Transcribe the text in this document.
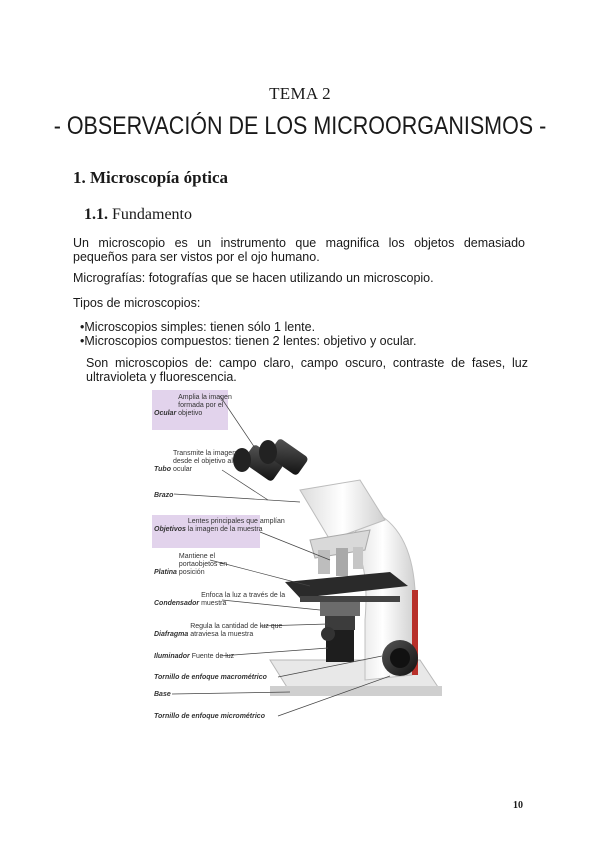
TEMA 2
- OBSERVACIÓN DE LOS MICROORGANISMOS -
1. Microscopía óptica
1.1. Fundamento
Un microscopio es un instrumento que magnifica los objetos demasiado pequeños para ser vistos por el ojo humano.
Micrografías: fotografías que se hacen utilizando un microscopio.
Tipos de microscopios:
•Microscopios simples: tienen sólo 1 lente.
•Microscopios compuestos: tienen 2 lentes: objetivo y ocular.
Son microscopios de: campo claro, campo oscuro, contraste de fases, luz ultravioleta y fluorescencia.
Ocular Amplia la imagen formada por el objetivo
Tubo Transmite la imagen desde el objetivo al ocular
Brazo
Objetivos Lentes principales que amplían la imagen de la muestra
Platina Mantiene el portaobjetos en posición
Condensador Enfoca la luz a través de la muestra
Diafragma Regula la cantidad de luz que atraviesa la muestra
Iluminador Fuente de luz
Tornillo de enfoque macrométrico
Base
Tornillo de enfoque micrométrico
10
